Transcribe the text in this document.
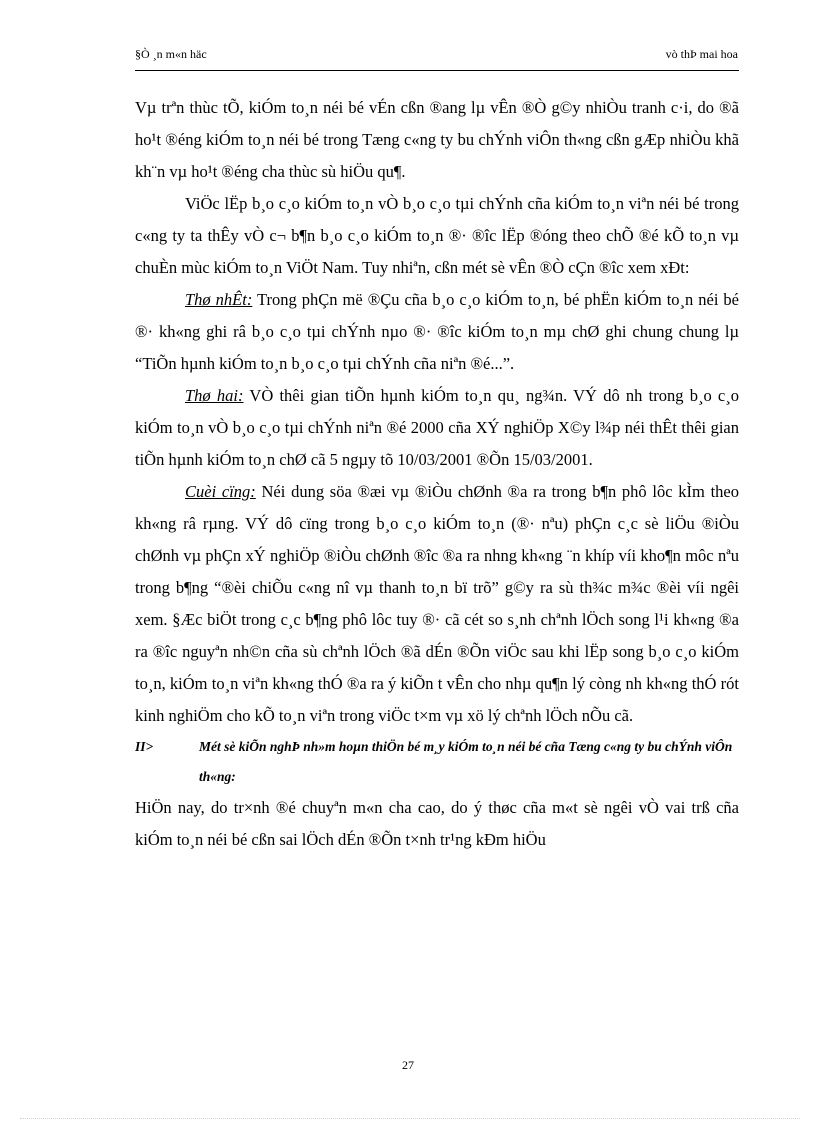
§Ò ¸n m«n häc	vò thÞ mai hoa

Vµ trªn thùc tÕ, kiÓm to¸n néi bé vÉn cßn ®ang lµ vÊn ®Ò g©y nhiÒu tranh c·i, do ®ã ho¹t ®éng kiÓm to¸n néi bé trong Tæng c«ng ty bu chÝnh viÔn th«ng cßn gÆp nhiÒu khã kh¨n vµ ho¹t ®éng cha thùc sù hiÖu qu¶.

ViÖc lËp b¸o c¸o kiÓm to¸n vÒ b¸o c¸o tµi chÝnh cña kiÓm to¸n viªn néi bé trong c«ng ty ta thÊy vÒ c¬ b¶n b¸o c¸o kiÓm to¸n ®· ®îc lËp ®óng theo chÕ ®é kÕ to¸n vµ chuÈn mùc kiÓm to¸n ViÖt Nam. Tuy nhiªn, cßn mét sè vÊn ®Ò cÇn ®îc xem xÐt:

Thø nhÊt: Trong phÇn më ®Çu cña b¸o c¸o kiÓm to¸n, bé phËn kiÓm to¸n néi bé ®· kh«ng ghi râ b¸o c¸o tµi chÝnh nµo ®· ®îc kiÓm to¸n mµ chØ ghi chung chung lµ “TiÕn hµnh kiÓm to¸n b¸o c¸o tµi chÝnh cña niªn ®é...”.

Thø hai: VÒ thêi gian tiÕn hµnh kiÓm to¸n qu¸ ng¾n. VÝ dô nh trong b¸o c¸o kiÓm to¸n vÒ b¸o c¸o tµi chÝnh niªn ®é 2000 cña XÝ nghiÖp X©y l¾p néi thÊt thêi gian tiÕn hµnh kiÓm to¸n chØ cã 5 ngµy tõ 10/03/2001 ®Õn 15/03/2001.

Cuèi cïng: Néi dung söa ®æi vµ ®iÒu chØnh ®a ra trong b¶n phô lôc kÌm theo kh«ng râ rµng. VÝ dô cïng trong b¸o c¸o kiÓm to¸n (®· nªu) phÇn c¸c sè liÖu ®iÒu chØnh vµ phÇn xÝ nghiÖp ®iÒu chØnh ®îc ®a ra nhng kh«ng ¨n khíp víi kho¶n môc nªu trong b¶ng “®èi chiÕu c«ng nî vµ thanh to¸n bï trõ” g©y ra sù th¾c m¾c ®èi víi ngêi xem. §Æc biÖt trong c¸c b¶ng phô lôc tuy ®· cã cét so s¸nh chªnh lÖch song l¹i kh«ng ®a ra ®îc nguyªn nh©n cña sù chªnh lÖch ®ã dÉn ®Õn viÖc sau khi lËp song b¸o c¸o kiÓm to¸n, kiÓm to¸n viªn kh«ng thÓ ®a ra ý kiÕn t vÊn cho nhµ qu¶n lý còng nh kh«ng thÓ rót kinh nghiÖm cho kÕ to¸n viªn trong viÖc t×m vµ xö lý chªnh lÖch nÕu cã.

II>	Mét sè kiÕn nghÞ nh»m hoµn thiÖn bé m¸y kiÓm to¸n néi bé cña Tæng c«ng ty bu chÝnh viÔn th«ng:

HiÖn nay, do tr×nh ®é chuyªn m«n cha cao, do ý thøc cña m«t sè ngêi vÒ vai trß cña kiÓm to¸n néi bé cßn sai lÖch dÉn ®Õn t×nh tr¹ng kÐm hiÖu

27
